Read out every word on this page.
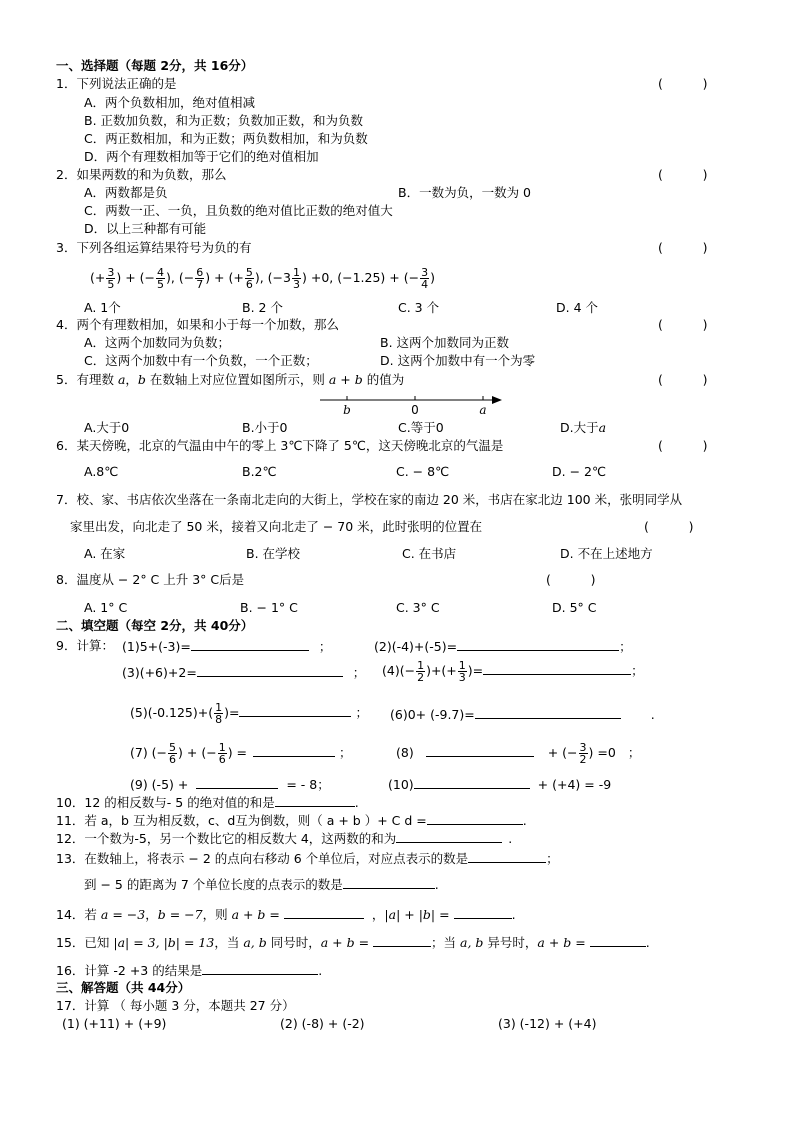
一、选择题（每题 2分，共 16分）
1．下列说法正确的是	(          )
A．两个负数相加，绝对值相减
B. 正数加负数，和为正数；负数加正数，和为负数
C．两正数相加，和为正数；两负数相加，和为负数
D．两个有理数相加等于它们的绝对值相加
2．如果两数的和为负数，那么	(          )
A．两数都是负	B．一数为负，一数为 0
C．两数一正、一负，且负数的绝对值比正数的绝对值大
D．以上三种都有可能
3．下列各组运算结果符号为负的有	(          )
(+ $\frac{3}{5}$ ) + (− $\frac{4}{5}$ ), (− $\frac{6}{7}$ ) + (+ $\frac{5}{6}$ ), ($-3 \frac{1}{3}$ ) +0, (−1.25) + (− $\frac{3}{4}$ )
A. 1个	B. 2 个	C. 3 个	D. 4 个
4．两个有理数相加，如果和小于每一个加数，那么	(          )
A．这两个加数同为负数；	B. 这两个加数同为正数
C．这两个加数中有一个负数，一个正数；	D. 这两个加数中有一个为零
5．有理数 a，b 在数轴上对应位置如图所示，则 a + b 的值为	(          )
b	0	a
A.大于0	B.小于0	C.等于0	D.大于a
6．某天傍晚，北京的气温由中午的零上 3℃下降了 5℃，这天傍晚北京的气温是	(          )
A.8℃	B.2℃	C. − 8℃	D. − 2℃
7．校、家、书店依次坐落在一条南北走向的大街上，学校在家的南边 20 米，书店在家北边 100 米，张明同学从
家里出发，向北走了 50 米，接着又向北走了 − 70 米，此时张明的位置在	(          )
A. 在家	B. 在学校	C. 在书店	D. 不在上述地方
8．温度从 − 2° C 上升 3° C后是	(          )
A. 1° C	B. − 1° C	C. 3° C	D. 5° C
二、填空题（每空 2分，共 40分）
9．计算： (1)5+(-3)=	；	(2)(-4)+(-5)=	；
(3)(+6)+2=	； $(4)(- \frac{1}{2}$ )+(+ $\frac{1}{3}$ )=	；
$(5)(-0.125)+( \frac{1}{8}$ )=	； (6)0+ (-9.7)=	.
(7) (− $\frac{5}{6}$ ) + (− $\frac{1}{6}$ ) =	；	(8)	+ (− $\frac{3}{2}$ ) =0 ；
(9) (-5) +	= - 8；	(10)	+ (+4) = -9
10．12 的相反数与- 5 的绝对值的和是	.
11．若 a，b 互为相反数，c、d互为倒数，则（ a + b ）+ C d =	.
12．一个数为-5，另一个数比它的相反数大 4，这两数的和为	.
13．在数轴上，将表示 − 2 的点向右移动 6 个单位后，对应点表示的数是	；
到 − 5 的距离为 7 个单位长度的点表示的数是	.
14．若 a = −3，b = −7，则 a + b =	，|a| + |b| =	.
15．已知 |a| = 3, |b| = 13，当 a, b 同号时，a + b =	；当 a, b 异号时，a + b =	.
16．计算 -2 +3 的结果是	.
三、解答题（共 44分）
17．计算 （ 每小题 3 分，本题共 27 分）
(1) (+11) + (+9)	(2) (-8) + (-2)	(3) (-12) + (+4)
